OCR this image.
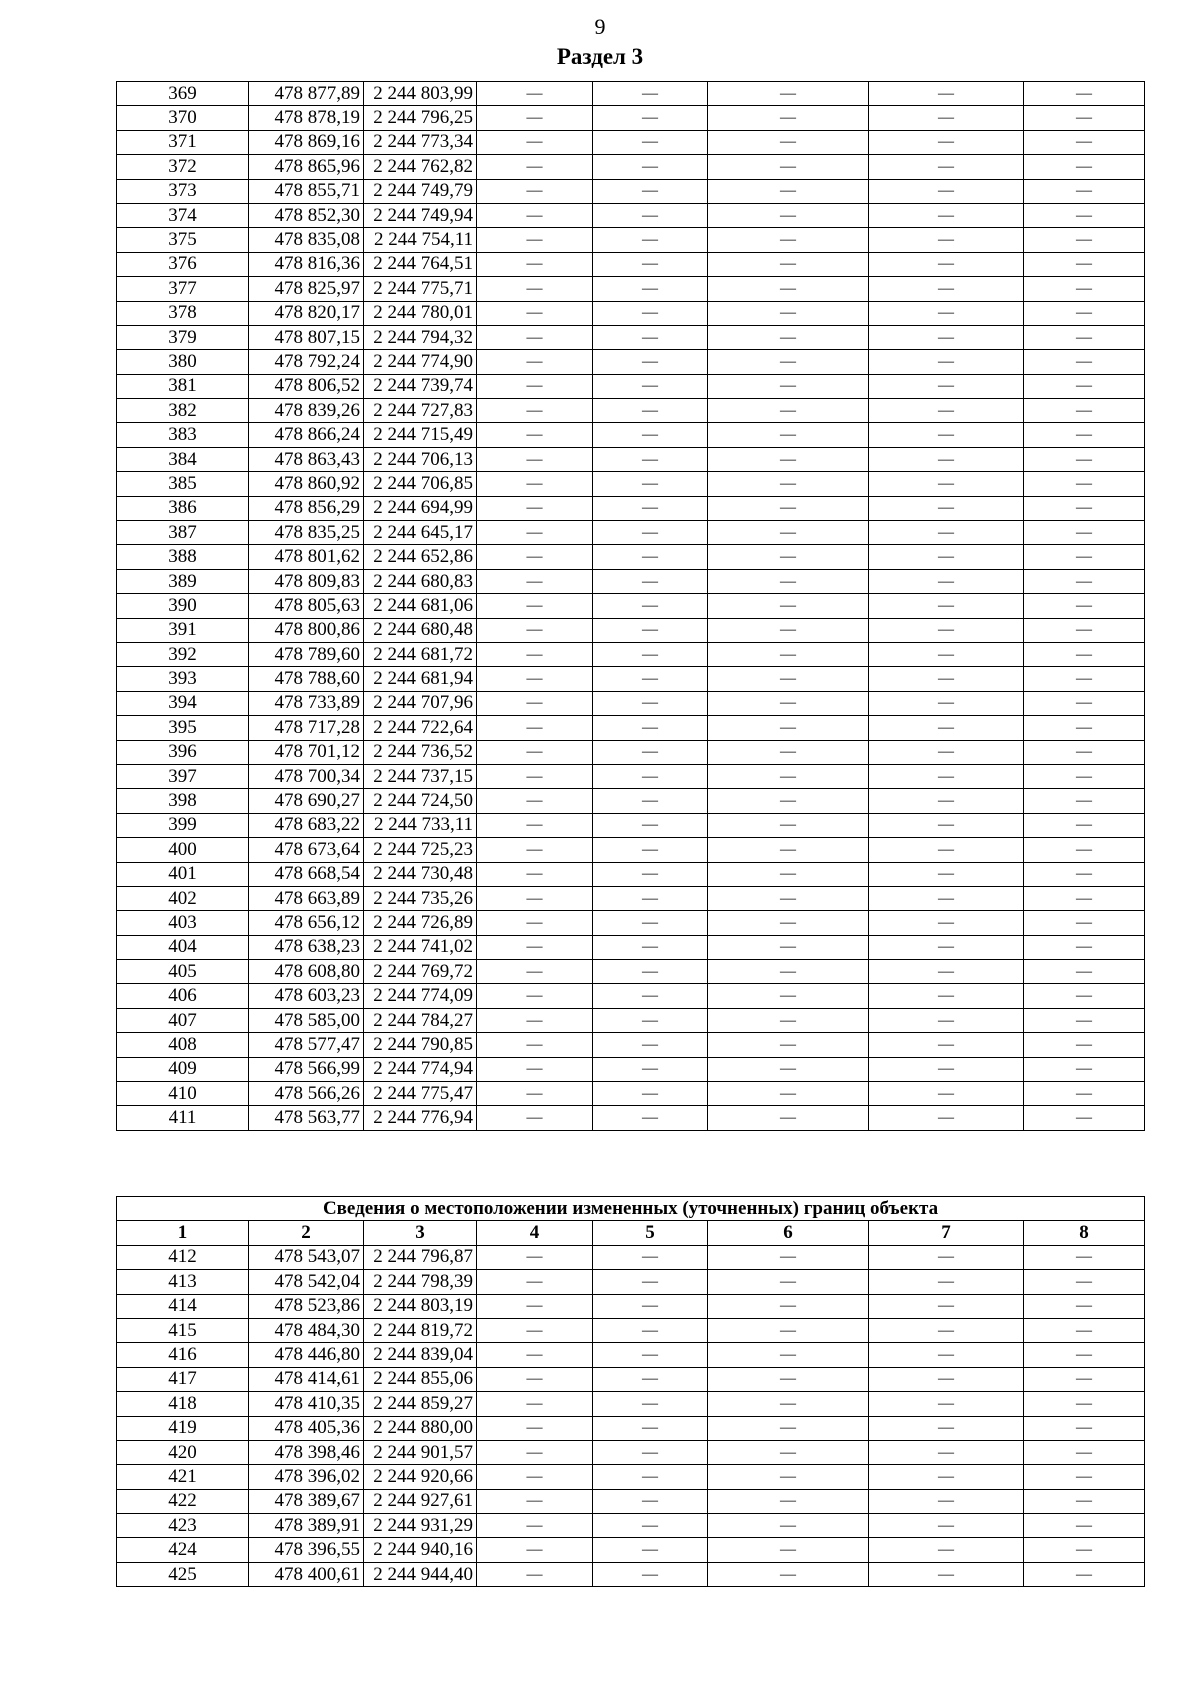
9
Раздел 3
369	478 877,89	2 244 803,99	—	—	—	—	—
370	478 878,19	2 244 796,25	—	—	—	—	—
371	478 869,16	2 244 773,34	—	—	—	—	—
372	478 865,96	2 244 762,82	—	—	—	—	—
373	478 855,71	2 244 749,79	—	—	—	—	—
374	478 852,30	2 244 749,94	—	—	—	—	—
375	478 835,08	2 244 754,11	—	—	—	—	—
376	478 816,36	2 244 764,51	—	—	—	—	—
377	478 825,97	2 244 775,71	—	—	—	—	—
378	478 820,17	2 244 780,01	—	—	—	—	—
379	478 807,15	2 244 794,32	—	—	—	—	—
380	478 792,24	2 244 774,90	—	—	—	—	—
381	478 806,52	2 244 739,74	—	—	—	—	—
382	478 839,26	2 244 727,83	—	—	—	—	—
383	478 866,24	2 244 715,49	—	—	—	—	—
384	478 863,43	2 244 706,13	—	—	—	—	—
385	478 860,92	2 244 706,85	—	—	—	—	—
386	478 856,29	2 244 694,99	—	—	—	—	—
387	478 835,25	2 244 645,17	—	—	—	—	—
388	478 801,62	2 244 652,86	—	—	—	—	—
389	478 809,83	2 244 680,83	—	—	—	—	—
390	478 805,63	2 244 681,06	—	—	—	—	—
391	478 800,86	2 244 680,48	—	—	—	—	—
392	478 789,60	2 244 681,72	—	—	—	—	—
393	478 788,60	2 244 681,94	—	—	—	—	—
394	478 733,89	2 244 707,96	—	—	—	—	—
395	478 717,28	2 244 722,64	—	—	—	—	—
396	478 701,12	2 244 736,52	—	—	—	—	—
397	478 700,34	2 244 737,15	—	—	—	—	—
398	478 690,27	2 244 724,50	—	—	—	—	—
399	478 683,22	2 244 733,11	—	—	—	—	—
400	478 673,64	2 244 725,23	—	—	—	—	—
401	478 668,54	2 244 730,48	—	—	—	—	—
402	478 663,89	2 244 735,26	—	—	—	—	—
403	478 656,12	2 244 726,89	—	—	—	—	—
404	478 638,23	2 244 741,02	—	—	—	—	—
405	478 608,80	2 244 769,72	—	—	—	—	—
406	478 603,23	2 244 774,09	—	—	—	—	—
407	478 585,00	2 244 784,27	—	—	—	—	—
408	478 577,47	2 244 790,85	—	—	—	—	—
409	478 566,99	2 244 774,94	—	—	—	—	—
410	478 566,26	2 244 775,47	—	—	—	—	—
411	478 563,77	2 244 776,94	—	—	—	—	—
Сведения о местоположении измененных (уточненных) границ объекта							
1	2	3	4	5	6	7	8
412	478 543,07	2 244 796,87	—	—	—	—	—
413	478 542,04	2 244 798,39	—	—	—	—	—
414	478 523,86	2 244 803,19	—	—	—	—	—
415	478 484,30	2 244 819,72	—	—	—	—	—
416	478 446,80	2 244 839,04	—	—	—	—	—
417	478 414,61	2 244 855,06	—	—	—	—	—
418	478 410,35	2 244 859,27	—	—	—	—	—
419	478 405,36	2 244 880,00	—	—	—	—	—
420	478 398,46	2 244 901,57	—	—	—	—	—
421	478 396,02	2 244 920,66	—	—	—	—	—
422	478 389,67	2 244 927,61	—	—	—	—	—
423	478 389,91	2 244 931,29	—	—	—	—	—
424	478 396,55	2 244 940,16	—	—	—	—	—
425	478 400,61	2 244 944,40	—	—	—	—	—
